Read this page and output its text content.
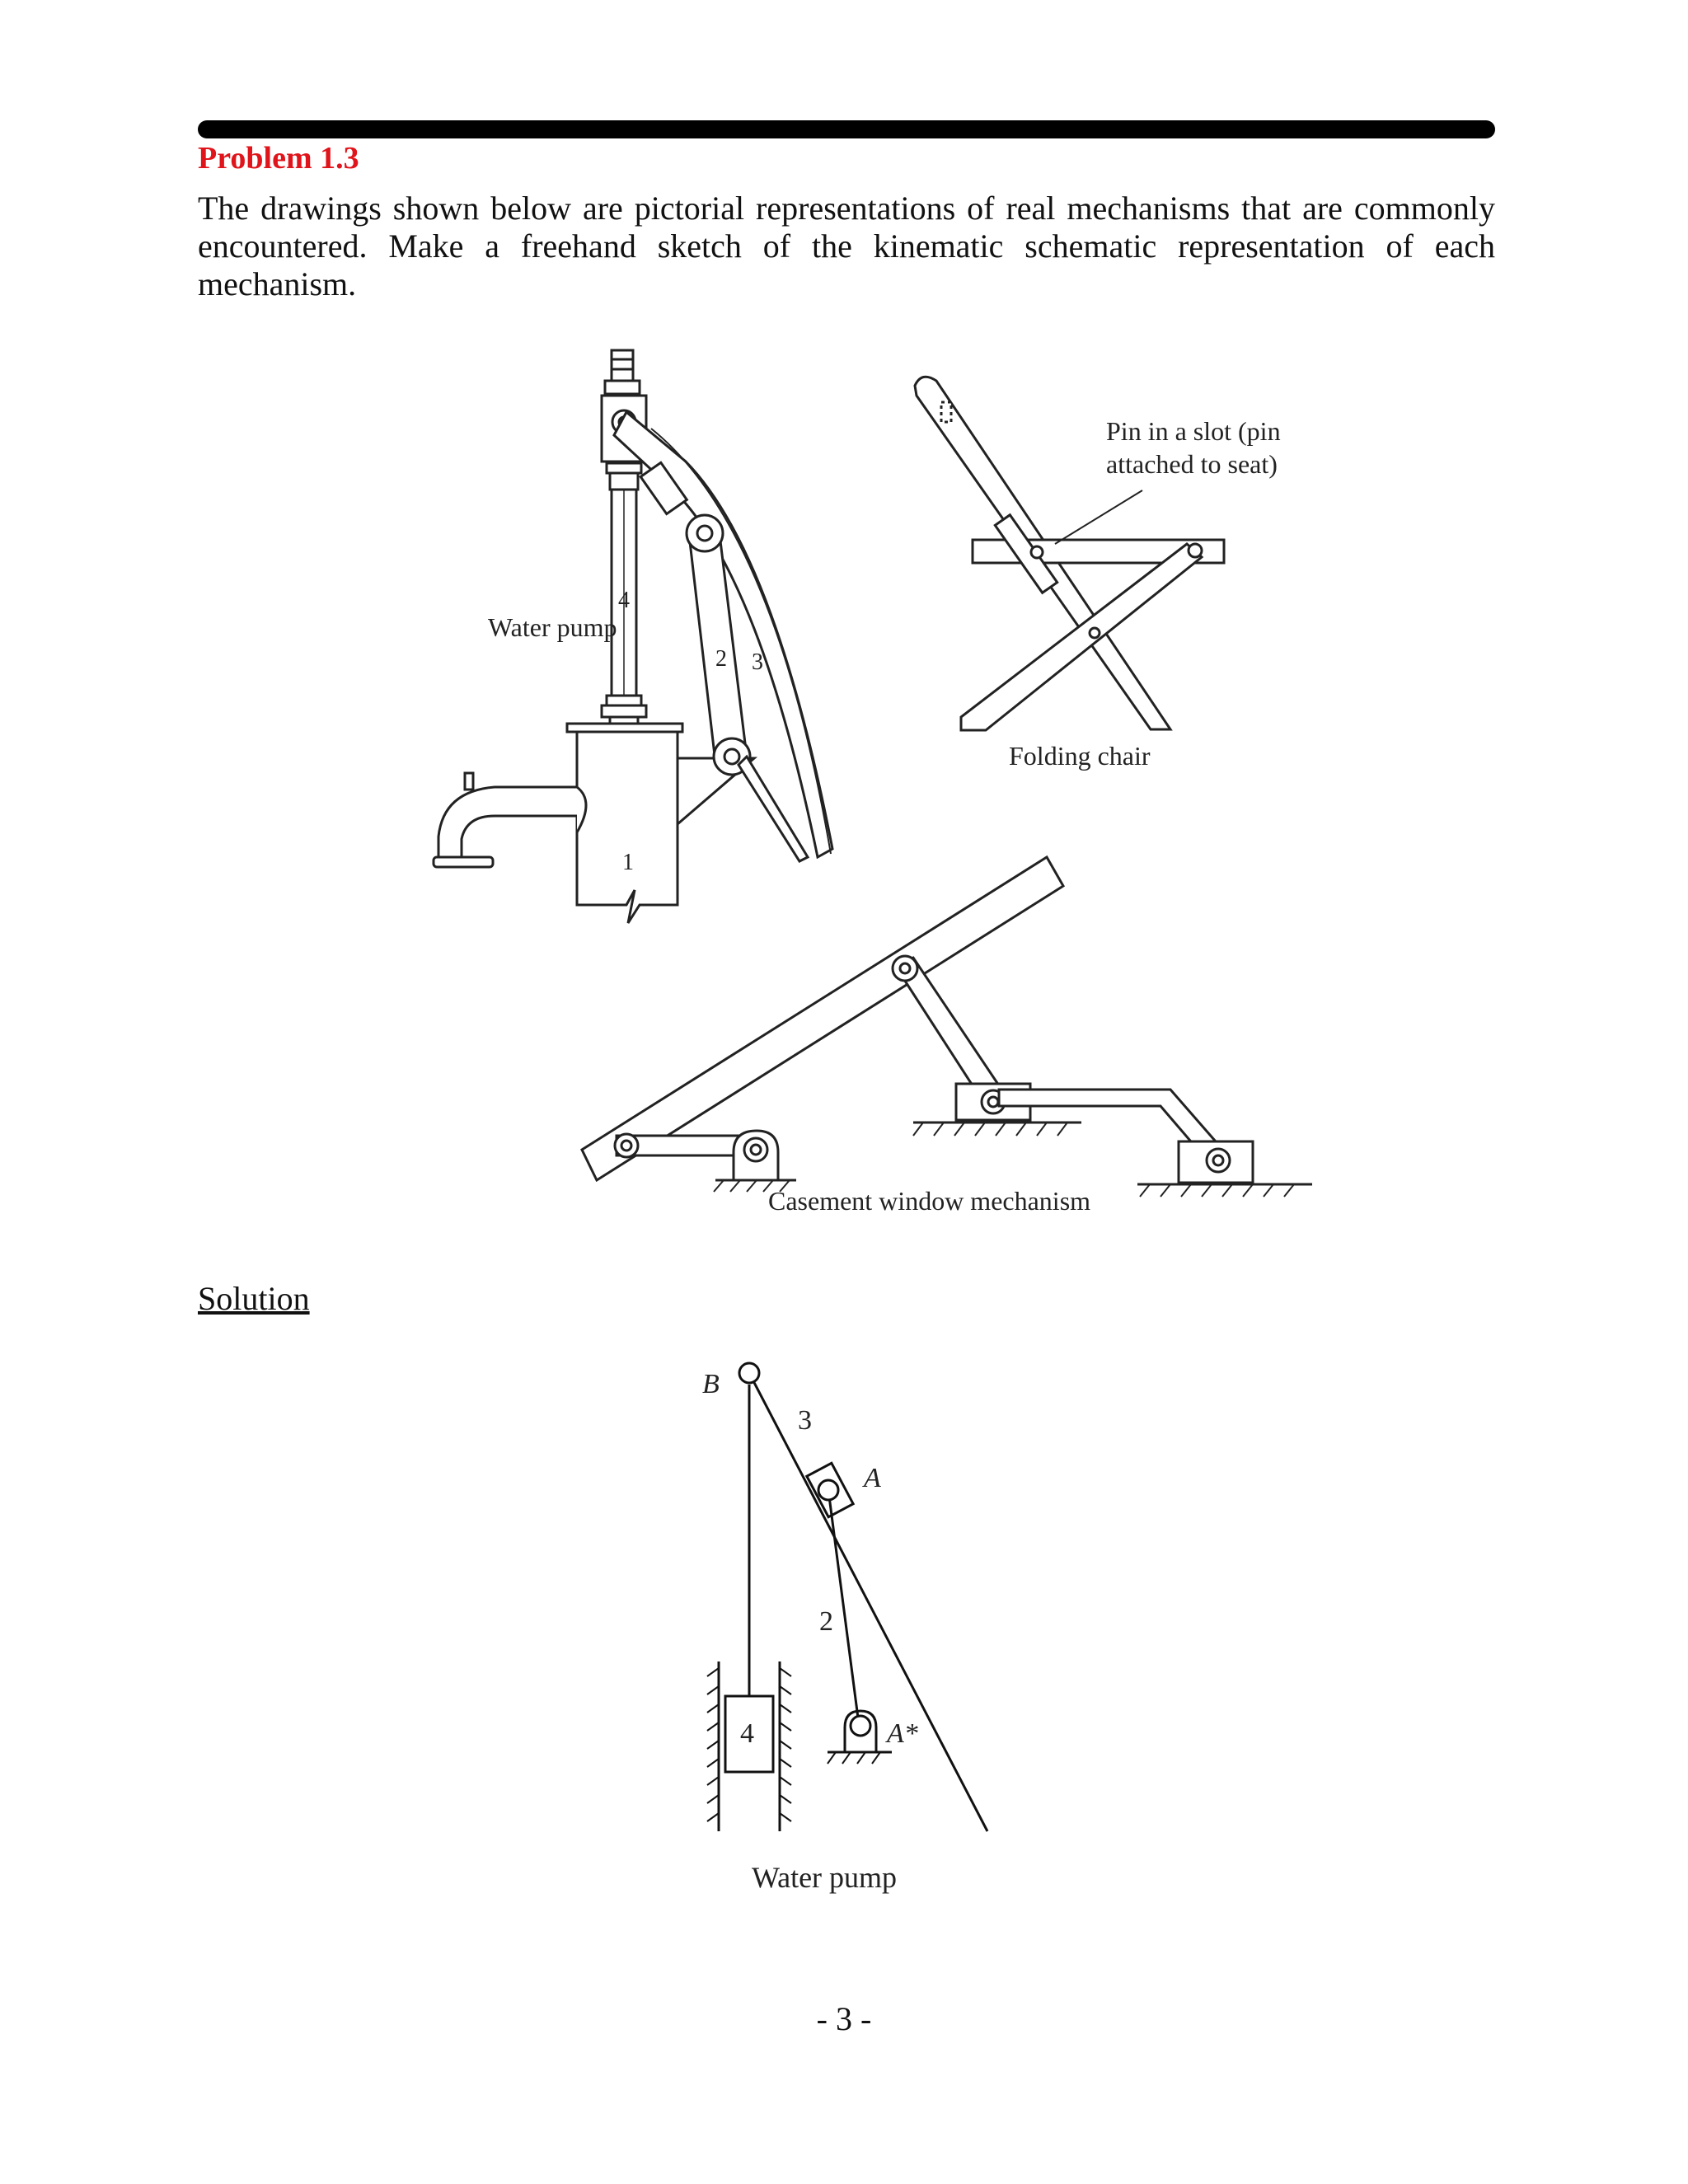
Problem 1.3
The drawings shown below are pictorial representations of real mechanisms that are commonly encountered. Make a freehand sketch of the kinematic schematic representation of each mechanism.
Water pump
4
1
2 3
Pin in a slot (pin
attached to seat)
Folding chair
Casement window mechanism
B
3
A
2
4	A*
Water pump
Solution
- 3 -
